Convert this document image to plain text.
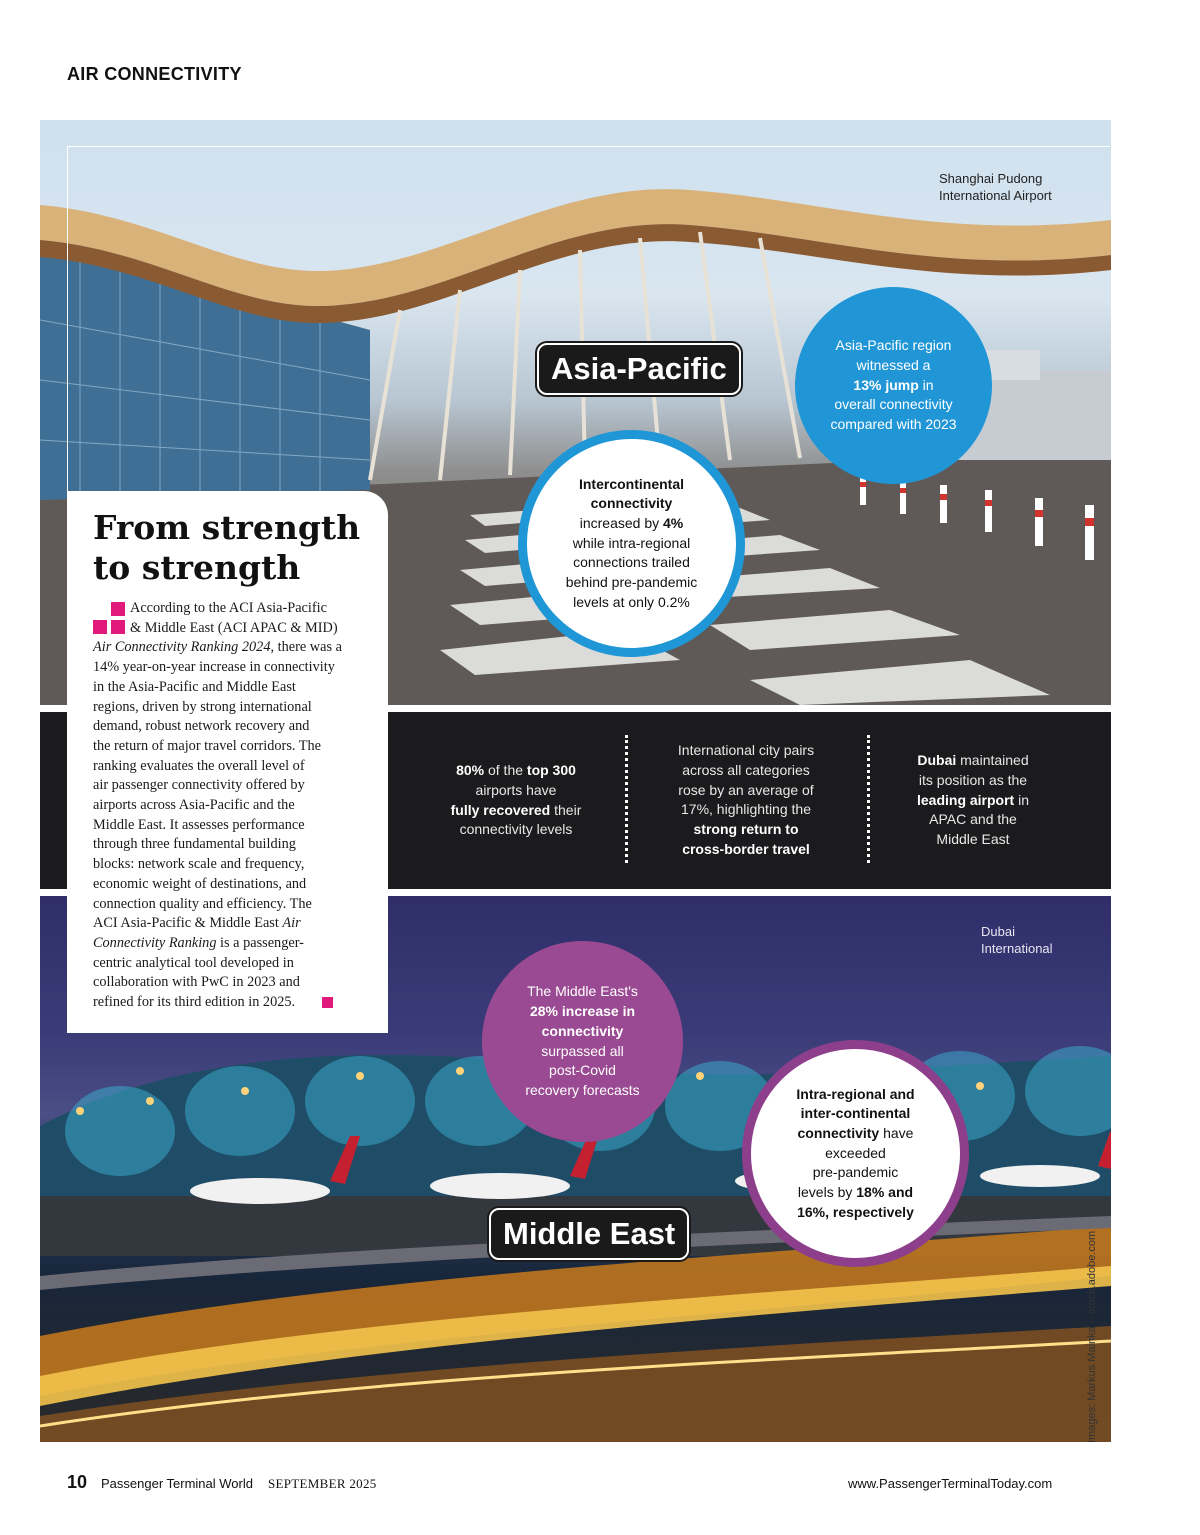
AIR CONNECTIVITY
Shanghai Pudong
International Airport
Asia-Pacific

Asia-Pacific region
witnessed a
13% jump in
overall connectivity
compared with 2023

Intercontinental
connectivity
increased by 4%
while intra-regional
connections trailed
behind pre-pandemic
levels at only 0.2%

80% of the top 300
airports have
fully recovered their
connectivity levels
International city pairs
across all categories
rose by an average of
17%, highlighting the
strong return to
cross-border travel
Dubai maintained
its position as the
leading airport in
APAC and the
Middle East
Dubai
International

The Middle East's
28% increase in
connectivity
surpassed all
post-Covid
recovery forecasts	Intra-regional and
inter-continental
connectivity have
exceeded
pre-pandemic
levels by 18% and
16%, respectively

Middle East
From strength
to strength

According to the ACI Asia-Pacific
& Middle East (ACI APAC & MID)
Air Connectivity Ranking 2024, there was a
14% year-on-year increase in connectivity
in the Asia-Pacific and Middle East
regions, driven by strong international
demand, robust network recovery and
the return of major travel corridors. The
ranking evaluates the overall level of
air passenger connectivity offered by
airports across Asia-Pacific and the
Middle East. It assesses performance
through three fundamental building
blocks: network scale and frequency,
economic weight of destinations, and
connection quality and efficiency. The
ACI Asia-Pacific & Middle East Air
Connectivity Ranking is a passenger-
centric analytical tool developed in
collaboration with PwC in 2023 and
refined for its third edition in 2025.

Images: Markus Mainka – stock.adobe.com
10 Passenger Terminal World SEPTEMBER 2025	www.PassengerTerminalToday.com
